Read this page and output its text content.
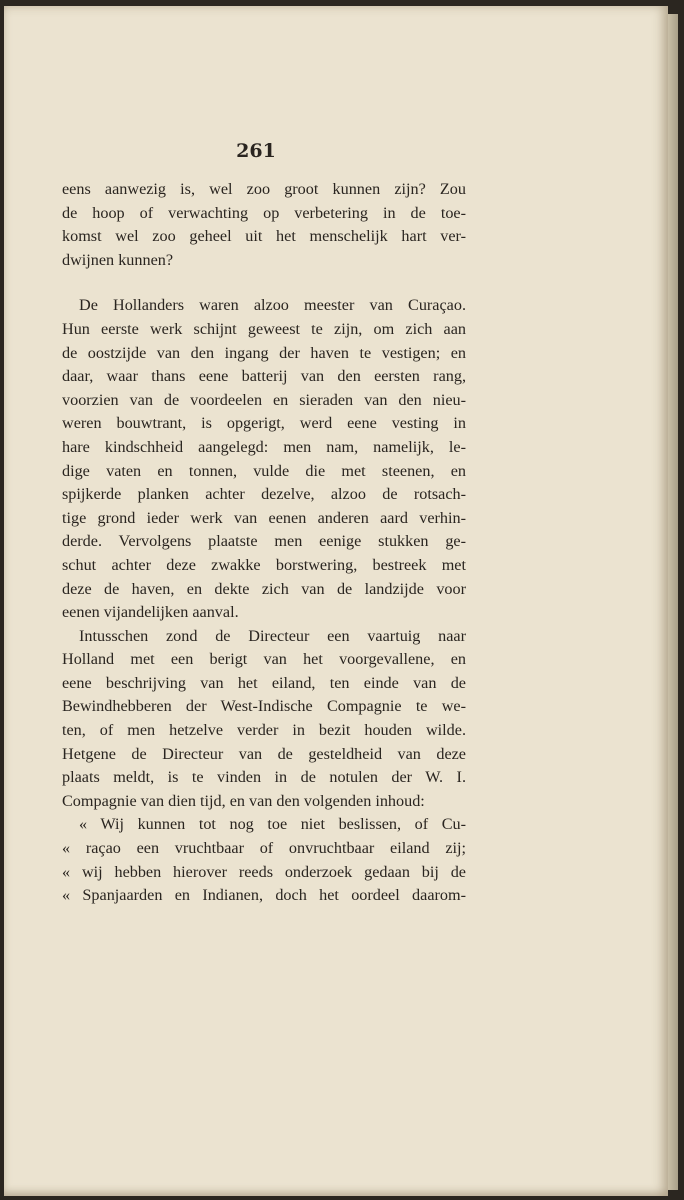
261
eens aanwezig is, wel zoo groot kunnen zijn? Zou
de hoop of verwachting op verbetering in de toe-
komst wel zoo geheel uit het menschelijk hart ver-
dwijnen kunnen?
De Hollanders waren alzoo meester van Curaçao.
Hun eerste werk schijnt geweest te zijn, om zich aan
de oostzijde van den ingang der haven te vestigen; en
daar, waar thans eene batterij van den eersten rang,
voorzien van de voordeelen en sieraden van den nieu-
weren bouwtrant, is opgerigt, werd eene vesting in
hare kindschheid aangelegd: men nam, namelijk, le-
dige vaten en tonnen, vulde die met steenen, en
spijkerde planken achter dezelve, alzoo de rotsach-
tige grond ieder werk van eenen anderen aard verhin-
derde. Vervolgens plaatste men eenige stukken ge-
schut achter deze zwakke borstwering, bestreek met
deze de haven, en dekte zich van de landzijde voor
eenen vijandelijken aanval.
Intusschen zond de Directeur een vaartuig naar
Holland met een berigt van het voorgevallene, en
eene beschrijving van het eiland, ten einde van de
Bewindhebberen der West-Indische Compagnie te we-
ten, of men hetzelve verder in bezit houden wilde.
Hetgene de Directeur van de gesteldheid van deze
plaats meldt, is te vinden in de notulen der W. I.
Compagnie van dien tijd, en van den volgenden inhoud:
« Wij kunnen tot nog toe niet beslissen, of Cu-
« raçao een vruchtbaar of onvruchtbaar eiland zij;
« wij hebben hierover reeds onderzoek gedaan bij de
« Spanjaarden en Indianen, doch het oordeel daarom-
